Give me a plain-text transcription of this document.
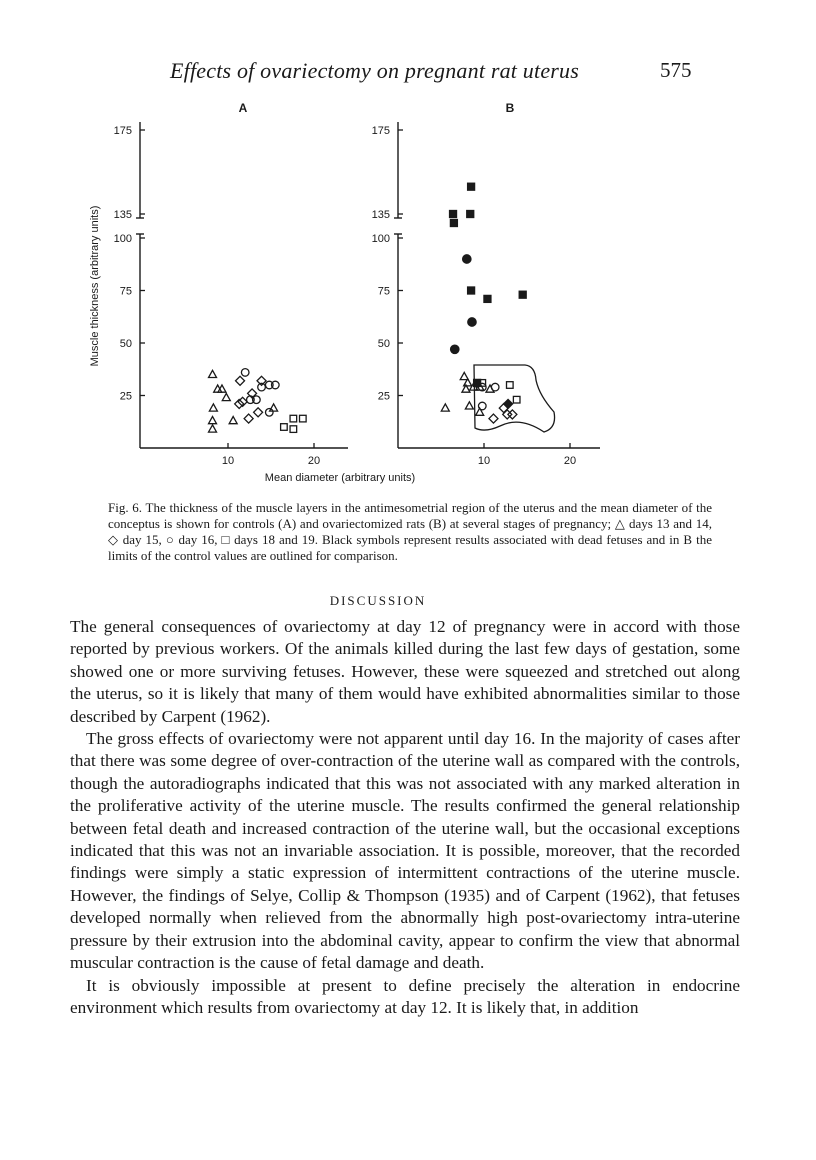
Effects of ovariectomy on pregnant rat uterus	575
A
175
135
100
75
50
25
10	20
B
175
135
100
75
50
25
10	20
Mean diameter (arbitrary units)
Muscle thickness (arbitrary units)
Fig. 6. The thickness of the muscle layers in the antimesometrial region of the uterus and the mean diameter of the conceptus is shown for controls (A) and ovariectomized rats (B) at several stages of pregnancy; △ days 13 and 14, ◇ day 15, ○ day 16, □ days 18 and 19. Black symbols represent results associated with dead fetuses and in B the limits of the control values are outlined for comparison.
DISCUSSION

The general consequences of ovariectomy at day 12 of pregnancy were in accord with those reported by previous workers. Of the animals killed during the last few days of gestation, some showed one or more surviving fetuses. However, these were squeezed and stretched out along the uterus, so it is likely that many of them would have exhibited abnormalities similar to those described by Carpent (1962).

The gross effects of ovariectomy were not apparent until day 16. In the majority of cases after that there was some degree of over-contraction of the uterine wall as compared with the controls, though the autoradiographs indicated that this was not associated with any marked alteration in the proliferative activity of the uterine muscle. The results confirmed the general relationship between fetal death and increased contraction of the uterine wall, but the occasional exceptions indicated that this was not an invariable association. It is possible, moreover, that the recorded findings were simply a static expression of intermittent contractions of the uterine muscle. However, the findings of Selye, Collip & Thompson (1935) and of Carpent (1962), that fetuses developed normally when relieved from the abnormally high post-ovariectomy intra-uterine pressure by their extrusion into the abdominal cavity, appear to confirm the view that abnormal muscular contraction is the cause of fetal damage and death.

It is obviously impossible at present to define precisely the alteration in endocrine environment which results from ovariectomy at day 12. It is likely that, in addition
